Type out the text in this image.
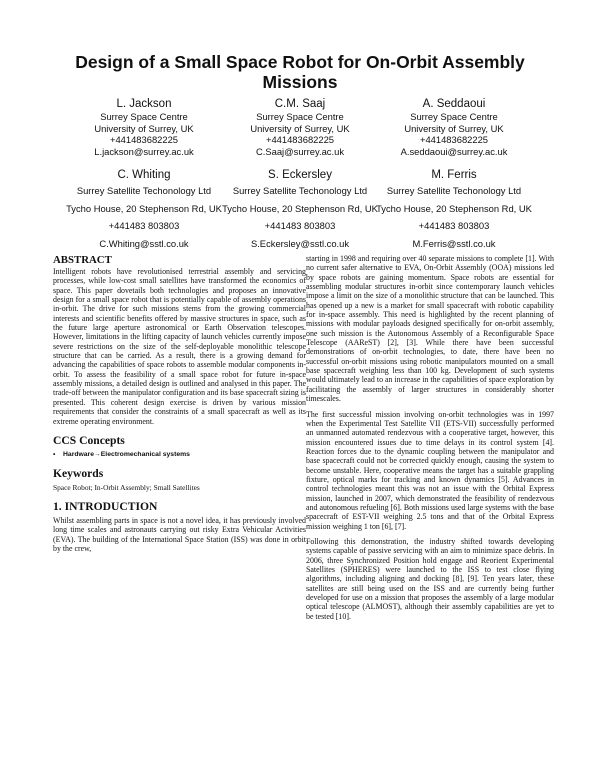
Design of a Small Space Robot for On-Orbit Assembly Missions
L. Jackson
Surrey Space Centre
University of Surrey, UK
+441483682225
L.jackson@surrey.ac.uk
C.M. Saaj
Surrey Space Centre
University of Surrey, UK
+441483682225
C.Saaj@surrey.ac.uk
A. Seddaoui
Surrey Space Centre
University of Surrey, UK
+441483682225
A.seddaoui@surrey.ac.uk
C. Whiting
Surrey Satellite Techonology Ltd
Tycho House, 20 Stephenson Rd, UK
+441483 803803
C.Whiting@sstl.co.uk
S. Eckersley
Surrey Satellite Techonology Ltd
Tycho House, 20 Stephenson Rd, UK
+441483 803803
S.Eckersley@sstl.co.uk
M. Ferris
Surrey Satellite Techonology Ltd
Tycho House, 20 Stephenson Rd, UK
+441483 803803
M.Ferris@sstl.co.uk
ABSTRACT

Intelligent robots have revolutionised terrestrial assembly and servicing processes, while low-cost small satellites have transformed the economics of space. This paper dovetails both technologies and proposes an innovative design for a small space robot that is potentially capable of assembly operations in-orbit. The drive for such missions stems from the growing commercial interests and scientific benefits offered by massive structures in space, such as the future large aperture astronomical or Earth Observation telescopes. However, limitations in the lifting capacity of launch vehicles currently impose severe restrictions on the size of the self-deployable monolithic telescope structure that can be carried. As a result, there is a growing demand for advancing the capabilities of space robots to assemble modular components in-orbit. To assess the feasibility of a small space robot for future in-space assembly missions, a detailed design is outlined and analysed in this paper. The trade-off between the manipulator configuration and its base spacecraft sizing is presented. This coherent design exercise is driven by various mission requirements that consider the constraints of a small spacecraft as well as its extreme operating environment.

CCS Concepts
• Hardware→Electromechanical systems
Keywords

Space Robot; In-Orbit Assembly; Small Satellites

1. INTRODUCTION

Whilst assembling parts in space is not a novel idea, it has previously involved long time scales and astronauts carrying out risky Extra Vehicular Activities (EVA). The building of the International Space Station (ISS) was done in orbit by the crew,

starting in 1998 and requiring over 40 separate missions to complete [1]. With no current safer alternative to EVA, On-Orbit Assembly (OOA) missions led by space robots are gaining momentum. Space robots are essential for assembling modular structures in-orbit since contemporary launch vehicles impose a limit on the size of a monolithic structure that can be launched. This has opened up a new is a market for small spacecraft with robotic capability for in-space assembly. This need is highlighted by the recent planning of missions with modular payloads designed specifically for on-orbit assembly, one such mission is the Autonomous Assembly of a Reconfigurable Space Telescope (AAReST) [2], [3]. While there have been successful demonstrations of on-orbit technologies, to date, there have been no successful on-orbit missions using robotic manipulators mounted on a small base spacecraft weighing less than 100 kg. Development of such systems would ultimately lead to an increase in the capabilities of space exploration by facilitating the assembly of larger structures in considerably shorter timescales.

The first successful mission involving on-orbit technologies was in 1997 when the Experimental Test Satellite VII (ETS-VII) successfully performed an unmanned automated rendezvous with a cooperative target, however, this mission encountered issues due to time delays in its control system [4]. Reaction forces due to the dynamic coupling between the manipulator and base spacecraft could not be corrected quickly enough, causing the system to become unstable. Here, cooperative means the target has a suitable grappling fixture, optical marks for tracking and known dynamics [5]. Advances in control technologies meant this was not an issue with the Orbital Express mission, launched in 2007, which demonstrated the feasibility of rendezvous and autonomous refueling [6]. Both missions used large systems with the base spacecraft of EST-VII weighing 2.5 tons and that of the Orbital Express mission weighing 1 ton [6], [7].

Following this demonstration, the industry shifted towards developing systems capable of passive servicing with an aim to minimize space debris. In 2006, three Synchronized Position hold engage and Reorient Experimental Satellites (SPHERES) were launched to the ISS to test close flying algorithms, including aligning and docking [8], [9]. Ten years later, these satellites are still being used on the ISS and are currently being further developed for use on a mission that proposes the assembly of a large modular optical telescope (ALMOST), although their assembly capabilities are yet to be tested [10].
